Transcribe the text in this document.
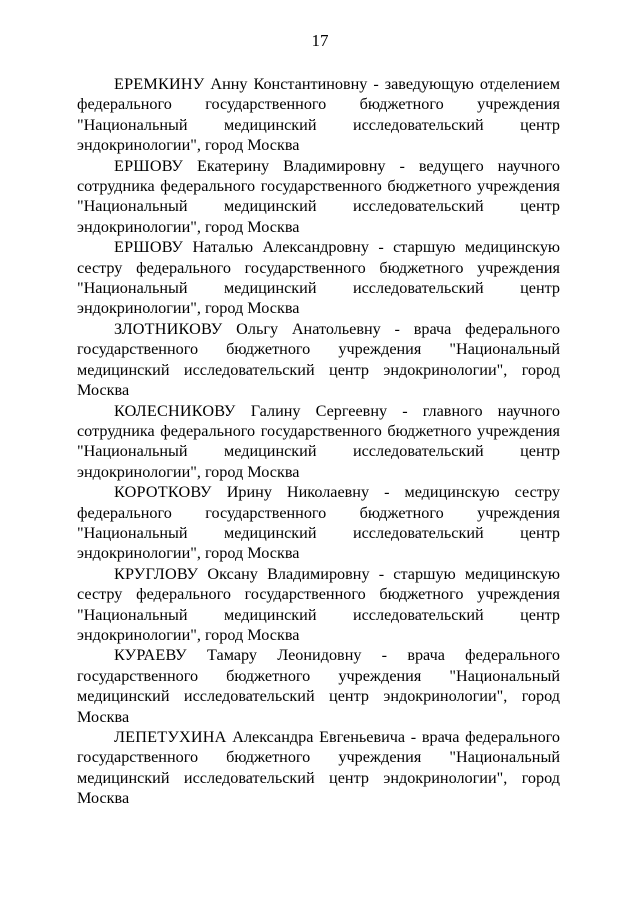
17

ЕРЕМКИНУ Анну Константиновну - заведующую отделением федерального государственного бюджетного учреждения "Национальный медицинский исследовательский центр эндокринологии", город Москва

ЕРШОВУ Екатерину Владимировну - ведущего научного сотрудника федерального государственного бюджетного учреждения "Национальный медицинский исследовательский центр эндокринологии", город Москва

ЕРШОВУ Наталью Александровну - старшую медицинскую сестру федерального государственного бюджетного учреждения "Национальный медицинский исследовательский центр эндокринологии", город Москва

ЗЛОТНИКОВУ Ольгу Анатольевну - врача федерального государственного бюджетного учреждения "Национальный медицинский исследовательский центр эндокринологии", город Москва

КОЛЕСНИКОВУ Галину Сергеевну - главного научного сотрудника федерального государственного бюджетного учреждения "Национальный медицинский исследовательский центр эндокринологии", город Москва

КОРОТКОВУ Ирину Николаевну - медицинскую сестру федерального государственного бюджетного учреждения "Национальный медицинский исследовательский центр эндокринологии", город Москва

КРУГЛОВУ Оксану Владимировну - старшую медицинскую сестру федерального государственного бюджетного учреждения "Национальный медицинский исследовательский центр эндокринологии", город Москва

КУРАЕВУ Тамару Леонидовну - врача федерального государственного бюджетного учреждения "Национальный медицинский исследовательский центр эндокринологии", город Москва

ЛЕПЕТУХИНА Александра Евгеньевича - врача федерального государственного бюджетного учреждения "Национальный медицинский исследовательский центр эндокринологии", город Москва
